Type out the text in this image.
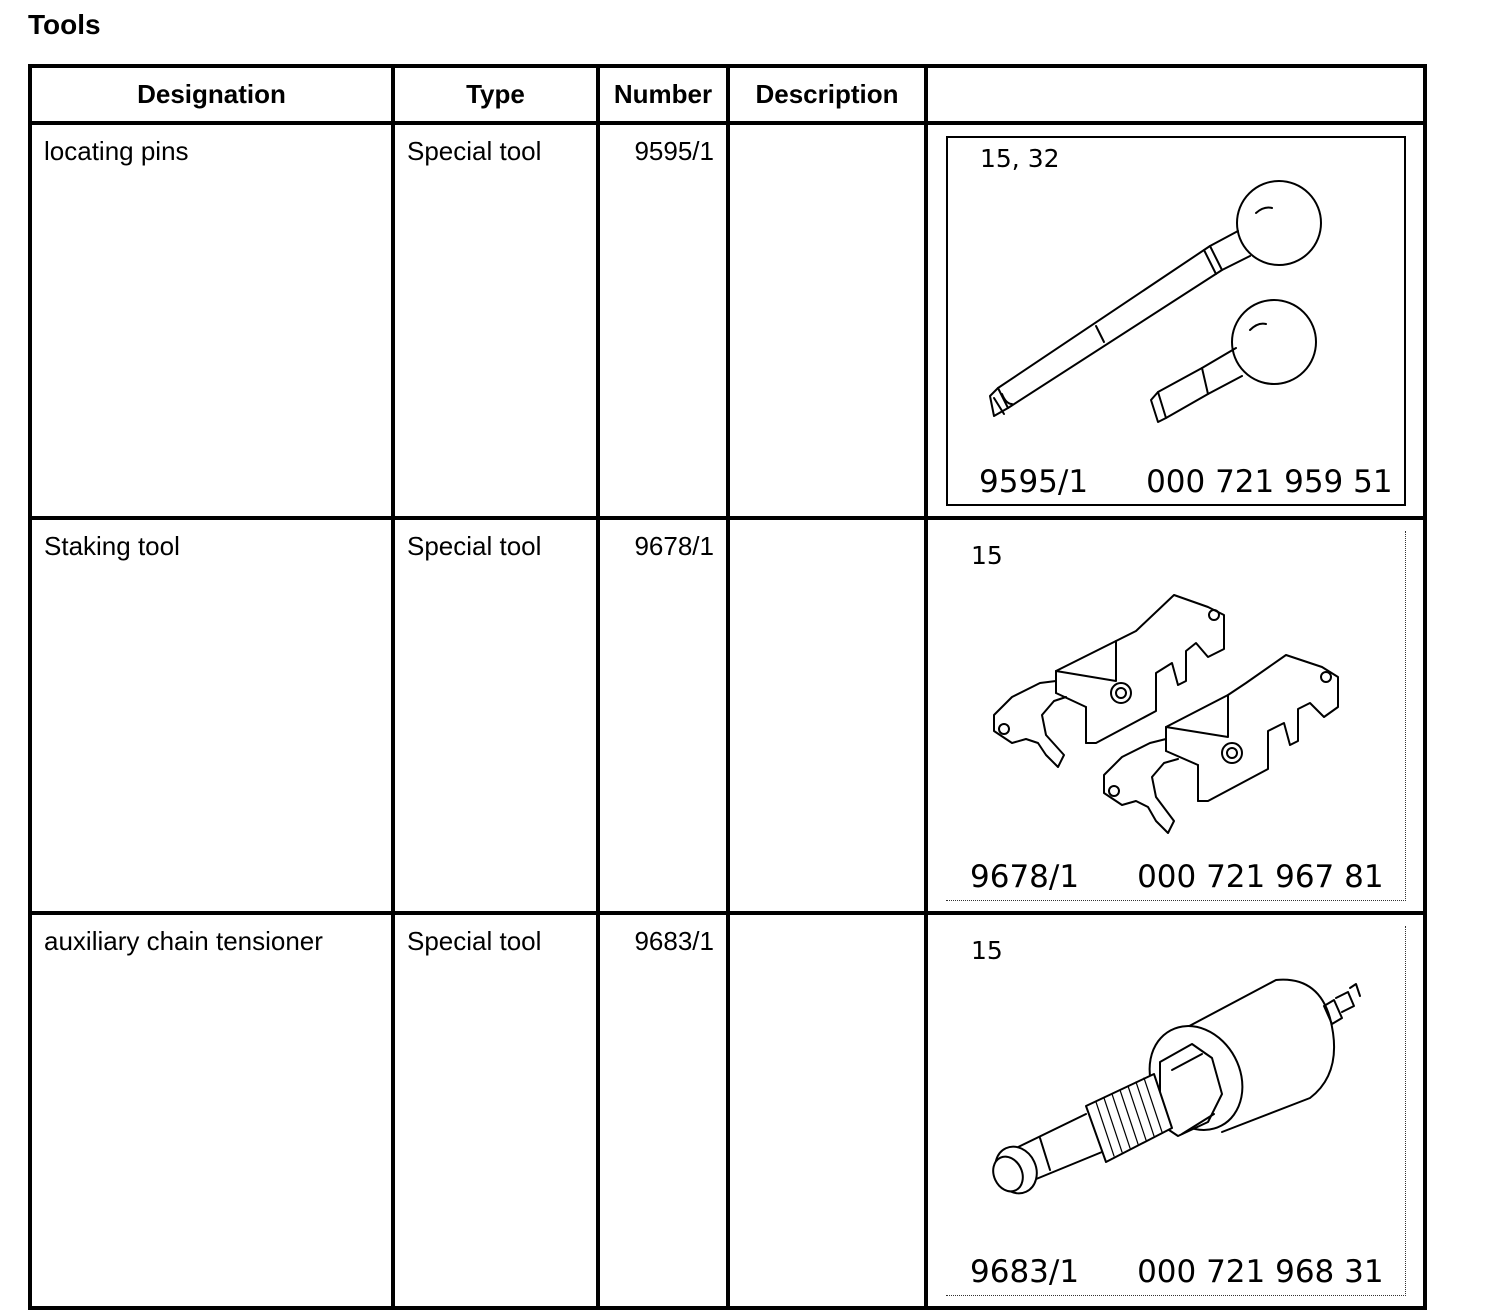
Tools
Designation	Type	Number	Description	

locating pins	Special tool	9595/1		15, 32
9595/1 000 721 959 51

Staking tool	Special tool	9678/1		15
9678/1 000 721 967 81

auxiliary chain tensioner	Special tool	9683/1		15
9683/1 000 721 968 31
